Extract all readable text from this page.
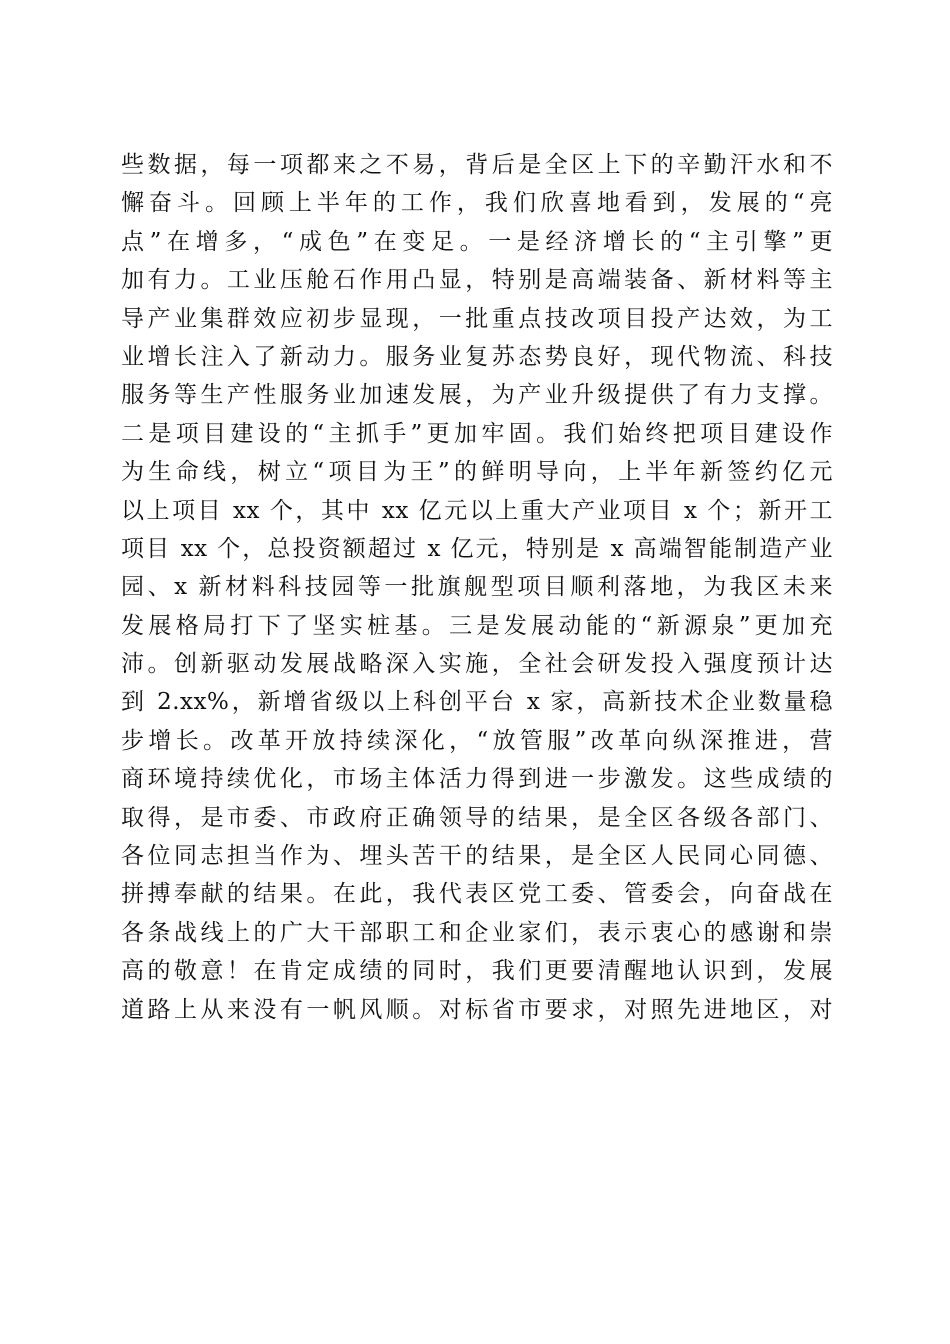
些数据，每一项都来之不易，背后是全区上下的辛勤汗水和不
懈奋斗。回顾上半年的工作，我们欣喜地看到，发展的“亮
点”在增多，“成色”在变足。一是经济增长的“主引擎”更
加有力。工业压舱石作用凸显，特别是高端装备、新材料等主
导产业集群效应初步显现，一批重点技改项目投产达效，为工
业增长注入了新动力。服务业复苏态势良好，现代物流、科技
服务等生产性服务业加速发展，为产业升级提供了有力支撑。
二是项目建设的“主抓手”更加牢固。我们始终把项目建设作
为生命线，树立“项目为王”的鲜明导向，上半年新签约亿元
以上项目 xx 个，其中 xx 亿元以上重大产业项目 x 个；新开工
项目 xx 个，总投资额超过 x 亿元，特别是 x 高端智能制造产业
园、x 新材料科技园等一批旗舰型项目顺利落地，为我区未来
发展格局打下了坚实桩基。三是发展动能的“新源泉”更加充
沛。创新驱动发展战略深入实施，全社会研发投入强度预计达
到 2.xx%，新增省级以上科创平台 x 家，高新技术企业数量稳
步增长。改革开放持续深化，“放管服”改革向纵深推进，营
商环境持续优化，市场主体活力得到进一步激发。这些成绩的
取得，是市委、市政府正确领导的结果，是全区各级各部门、
各位同志担当作为、埋头苦干的结果，是全区人民同心同德、
拼搏奉献的结果。在此，我代表区党工委、管委会，向奋战在
各条战线上的广大干部职工和企业家们，表示衷心的感谢和崇
高的敬意！在肯定成绩的同时，我们更要清醒地认识到，发展
道路上从来没有一帆风顺。对标省市要求，对照先进地区，对
